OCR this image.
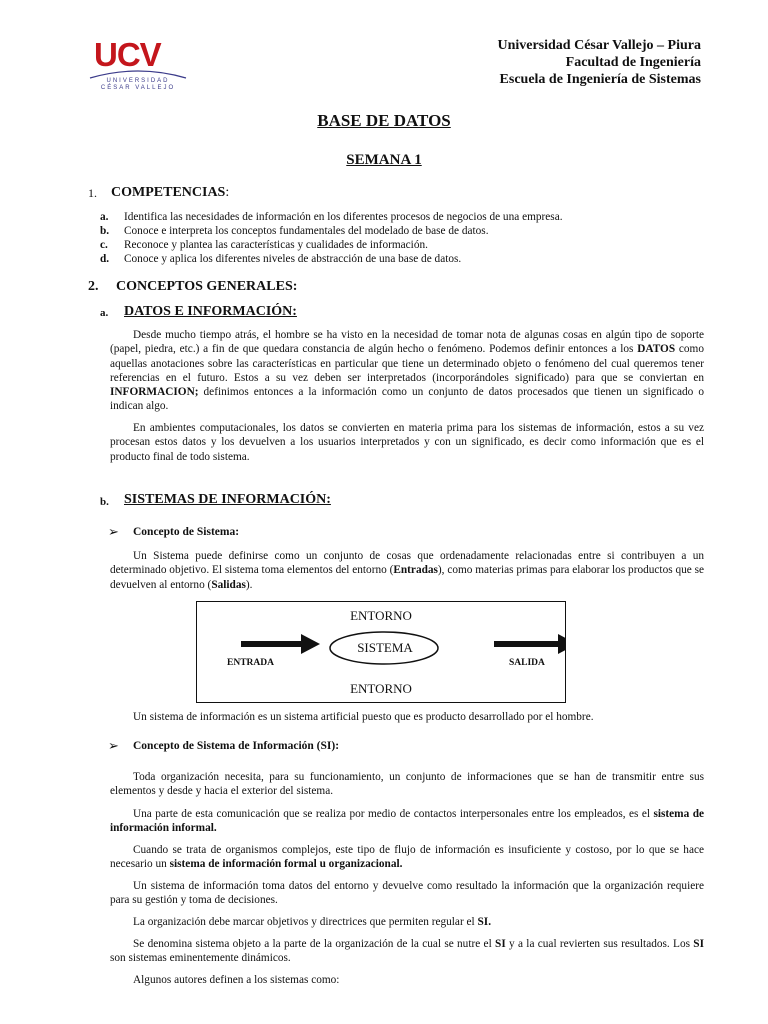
UCV
UNIVERSIDAD
CÉSAR VALLEJO
Universidad César Vallejo – Piura
Facultad de Ingeniería
Escuela de Ingeniería de Sistemas
BASE DE DATOS
SEMANA 1
1. COMPETENCIAS:
a. Identifica las necesidades de información en los diferentes procesos de negocios de una empresa.
b. Conoce e interpreta los conceptos fundamentales del modelado de base de datos.
c. Reconoce y plantea las características y cualidades de información.
d. Conoce y aplica los diferentes niveles de abstracción de una base de datos.
2. CONCEPTOS GENERALES:
a. DATOS E INFORMACIÓN:
Desde mucho tiempo atrás, el hombre se ha visto en la necesidad de tomar nota de algunas cosas en algún tipo de soporte (papel, piedra, etc.) a fin de que quedara constancia de algún hecho o fenómeno. Podemos definir entonces a los DATOS como aquellas anotaciones sobre las características en particular que tiene un determinado objeto o fenómeno del cual queremos tener referencias en el futuro. Estos a su vez deben ser interpretados (incorporándoles significado) para que se conviertan en INFORMACION; definimos entonces a la información como un conjunto de datos procesados que tienen un significado o indican algo.
En ambientes computacionales, los datos se convierten en materia prima para los sistemas de información, estos a su vez procesan estos datos y los devuelven a los usuarios interpretados y con un significado, es decir como información que es el producto final de todo sistema.
b. SISTEMAS DE INFORMACIÓN:
➢ Concepto de Sistema:
Un Sistema puede definirse como un conjunto de cosas que ordenadamente relacionadas entre si contribuyen a un determinado objetivo. El sistema toma elementos del entorno (Entradas), como materias primas para elaborar los productos que se devuelven al entorno (Salidas).
ENTORNO
SISTEMA
ENTRADA	SALIDA
ENTORNO
Un sistema de información es un sistema artificial puesto que es producto desarrollado por el hombre.
➢ Concepto de Sistema de Información (SI):
Toda organización necesita, para su funcionamiento, un conjunto de informaciones que se han de transmitir entre sus elementos y desde y hacia el exterior del sistema.
Una parte de esta comunicación que se realiza por medio de contactos interpersonales entre los empleados, es el sistema de información informal.
Cuando se trata de organismos complejos, este tipo de flujo de información es insuficiente y costoso, por lo que se hace necesario un sistema de información formal u organizacional.
Un sistema de información toma datos del entorno y devuelve como resultado la información que la organización requiere para su gestión y toma de decisiones.
La organización debe marcar objetivos y directrices que permiten regular el SI.
Se denomina sistema objeto a la parte de la organización de la cual se nutre el SI y a la cual revierten sus resultados. Los SI son sistemas eminentemente dinámicos.
Algunos autores definen a los sistemas como:
